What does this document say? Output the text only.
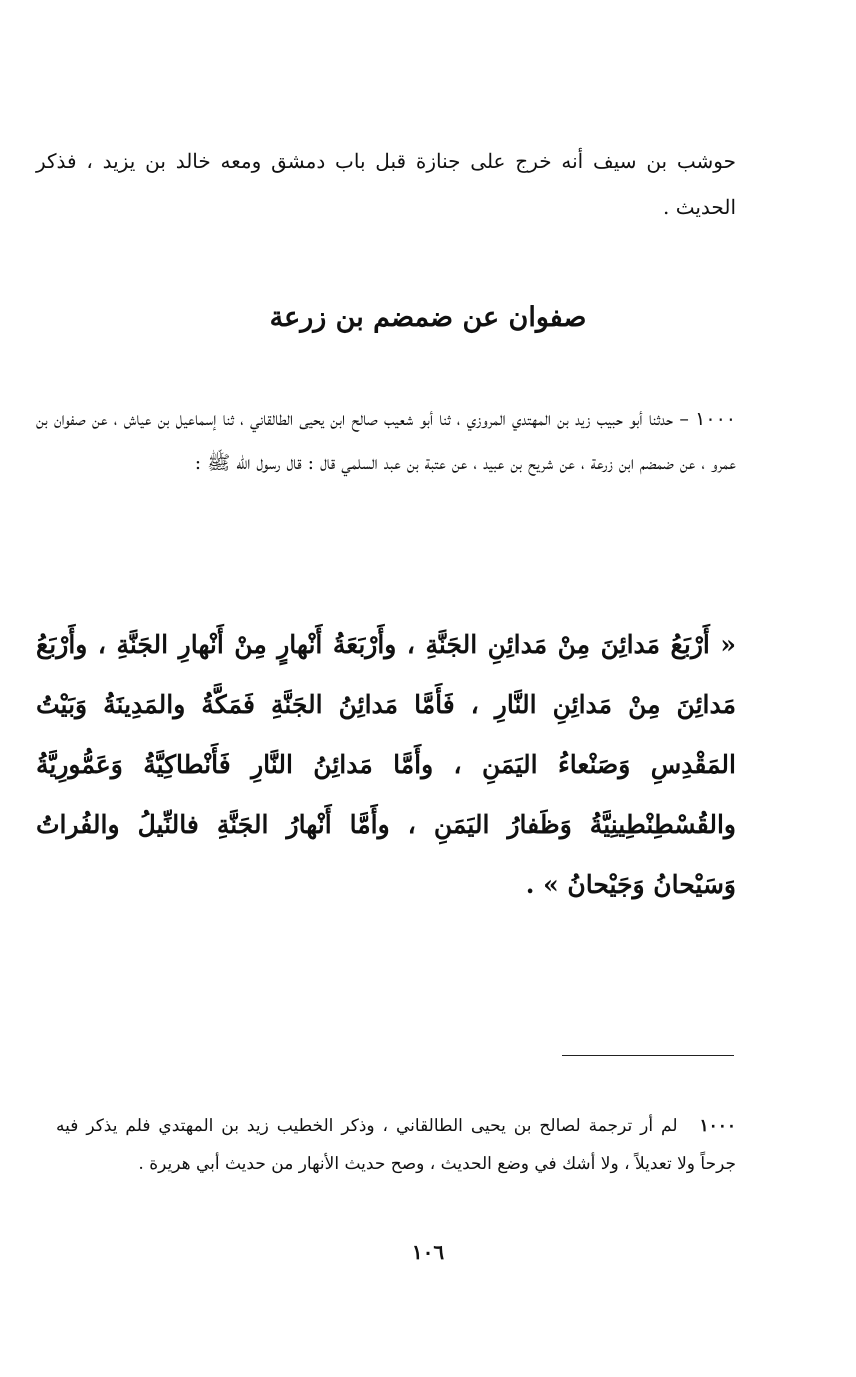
حوشب بن سيف أنه خرج على جنازة قبل باب دمشق ومعه خالد بن يزيد ، فذكر الحديث .

صفوان عن ضمضم بن زرعة

١٠٠٠ – حدثنا أبو حبيب زيد بن المهتدي المروزي ، ثنا أبو شعيب صالح ابن يحيى الطالقاني ، ثنا إسماعيل بن عياش ، عن صفوان بن عمرو ، عن ضمضم ابن زرعة ، عن شريح بن عبيد ، عن عتبة بن عبد السلمي قال : قال رسول الله ﷺ :

« أَرْبَعُ مَدائِنَ مِنْ مَدائِنِ الجَنَّةِ ، وأَرْبَعَةُ أَنْهارٍ مِنْ أَنْهارِ الجَنَّةِ ، وأَرْبَعُ مَدائِنَ مِنْ مَدائِنِ النَّارِ ، فَأَمَّا مَدائِنُ الجَنَّةِ فَمَكَّةُ والمَدِينَةُ وَبَيْتُ المَقْدِسِ وَصَنْعاءُ اليَمَنِ ، وأَمَّا مَدائِنُ النَّارِ فَأَنْطاكِيَّةُ وَعَمُّورِيَّةُ والقُسْطِنْطِينِيَّةُ وَظَفارُ اليَمَنِ ، وأَمَّا أَنْهارُ الجَنَّةِ فالنِّيلُ والفُراتُ وَسَيْحانُ وَجَيْحانُ » .

١٠٠٠ لم أر ترجمة لصالح بن يحيى الطالقاني ، وذكر الخطيب زيد بن المهتدي فلم يذكر فيه جرحاً ولا تعديلاً ، ولا أشك في وضع الحديث ، وصح حديث الأنهار من حديث أبي هريرة .

١٠٦
